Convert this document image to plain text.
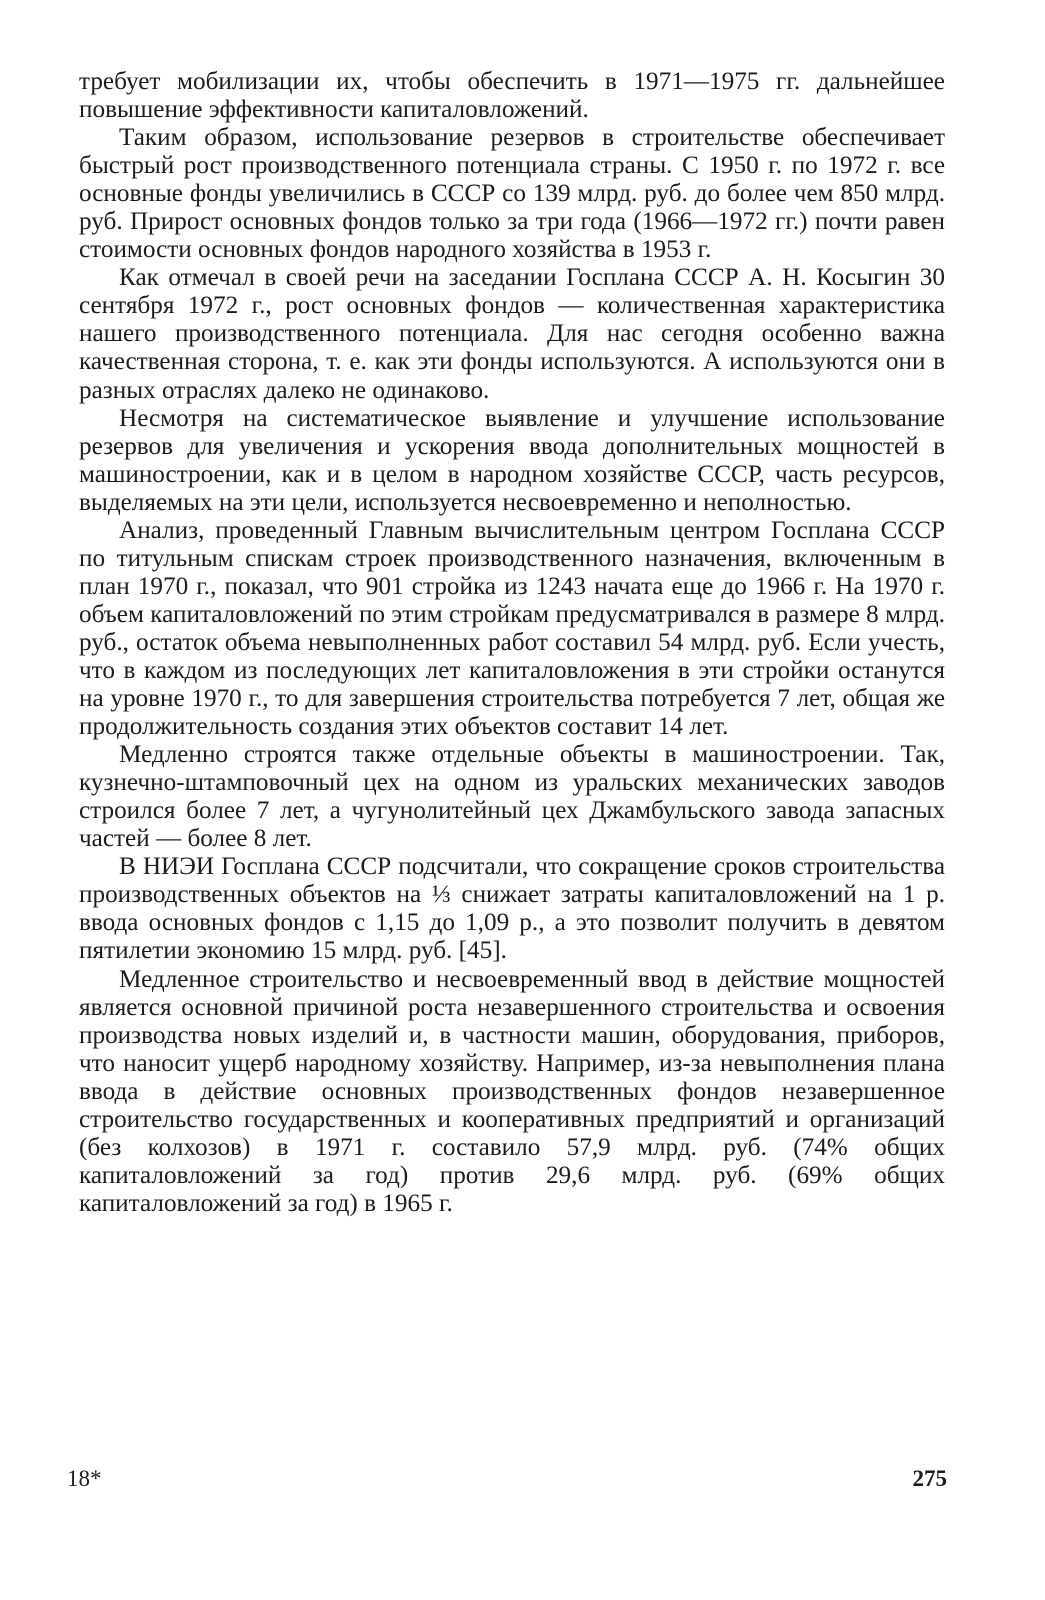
требует мобилизации их, чтобы обеспечить в 1971—1975 гг. дальнейшее повышение эффективности капиталовложений.

Таким образом, использование резервов в строительстве обеспечивает быстрый рост производственного потенциала страны. С 1950 г. по 1972 г. все основные фонды увеличились в СССР со 139 млрд. руб. до более чем 850 млрд. руб. Прирост основных фондов только за три года (1966—1972 гг.) почти равен стоимости основных фондов народного хозяйства в 1953 г.

Как отмечал в своей речи на заседании Госплана СССР А. Н. Косыгин 30 сентября 1972 г., рост основных фондов — количественная характеристика нашего производственного потенциала. Для нас сегодня особенно важна качественная сторона, т. е. как эти фонды используются. А используются они в разных отраслях далеко не одинаково.

Несмотря на систематическое выявление и улучшение использование резервов для увеличения и ускорения ввода дополнительных мощностей в машиностроении, как и в целом в народном хозяйстве СССР, часть ресурсов, выделяемых на эти цели, используется несвоевременно и неполностью.

Анализ, проведенный Главным вычислительным центром Госплана СССР по титульным спискам строек производственного назначения, включенным в план 1970 г., показал, что 901 стройка из 1243 начата еще до 1966 г. На 1970 г. объем капиталовложений по этим стройкам предусматривался в размере 8 млрд. руб., остаток объема невыполненных работ составил 54 млрд. руб. Если учесть, что в каждом из последующих лет капиталовложения в эти стройки останутся на уровне 1970 г., то для завершения строительства потребуется 7 лет, общая же продолжительность создания этих объектов составит 14 лет.

Медленно строятся также отдельные объекты в машиностроении. Так, кузнечно-штамповочный цех на одном из уральских механических заводов строился более 7 лет, а чугунолитейный цех Джамбульского завода запасных частей — более 8 лет.

В НИЭИ Госплана СССР подсчитали, что сокращение сроков строительства производственных объектов на ⅓ снижает затраты капиталовложений на 1 р. ввода основных фондов с 1,15 до 1,09 р., а это позволит получить в девятом пятилетии экономию 15 млрд. руб. [45].

Медленное строительство и несвоевременный ввод в действие мощностей является основной причиной роста незавершенного строительства и освоения производства новых изделий и, в частности машин, оборудования, приборов, что наносит ущерб народному хозяйству. Например, из-за невыполнения плана ввода в действие основных производственных фондов незавершенное строительство государственных и кооперативных предприятий и организаций (без колхозов) в 1971 г. составило 57,9 млрд. руб. (74% общих капиталовложений за год) против 29,6 млрд. руб. (69% общих капиталовложений за год) в 1965 г.

18*	275
